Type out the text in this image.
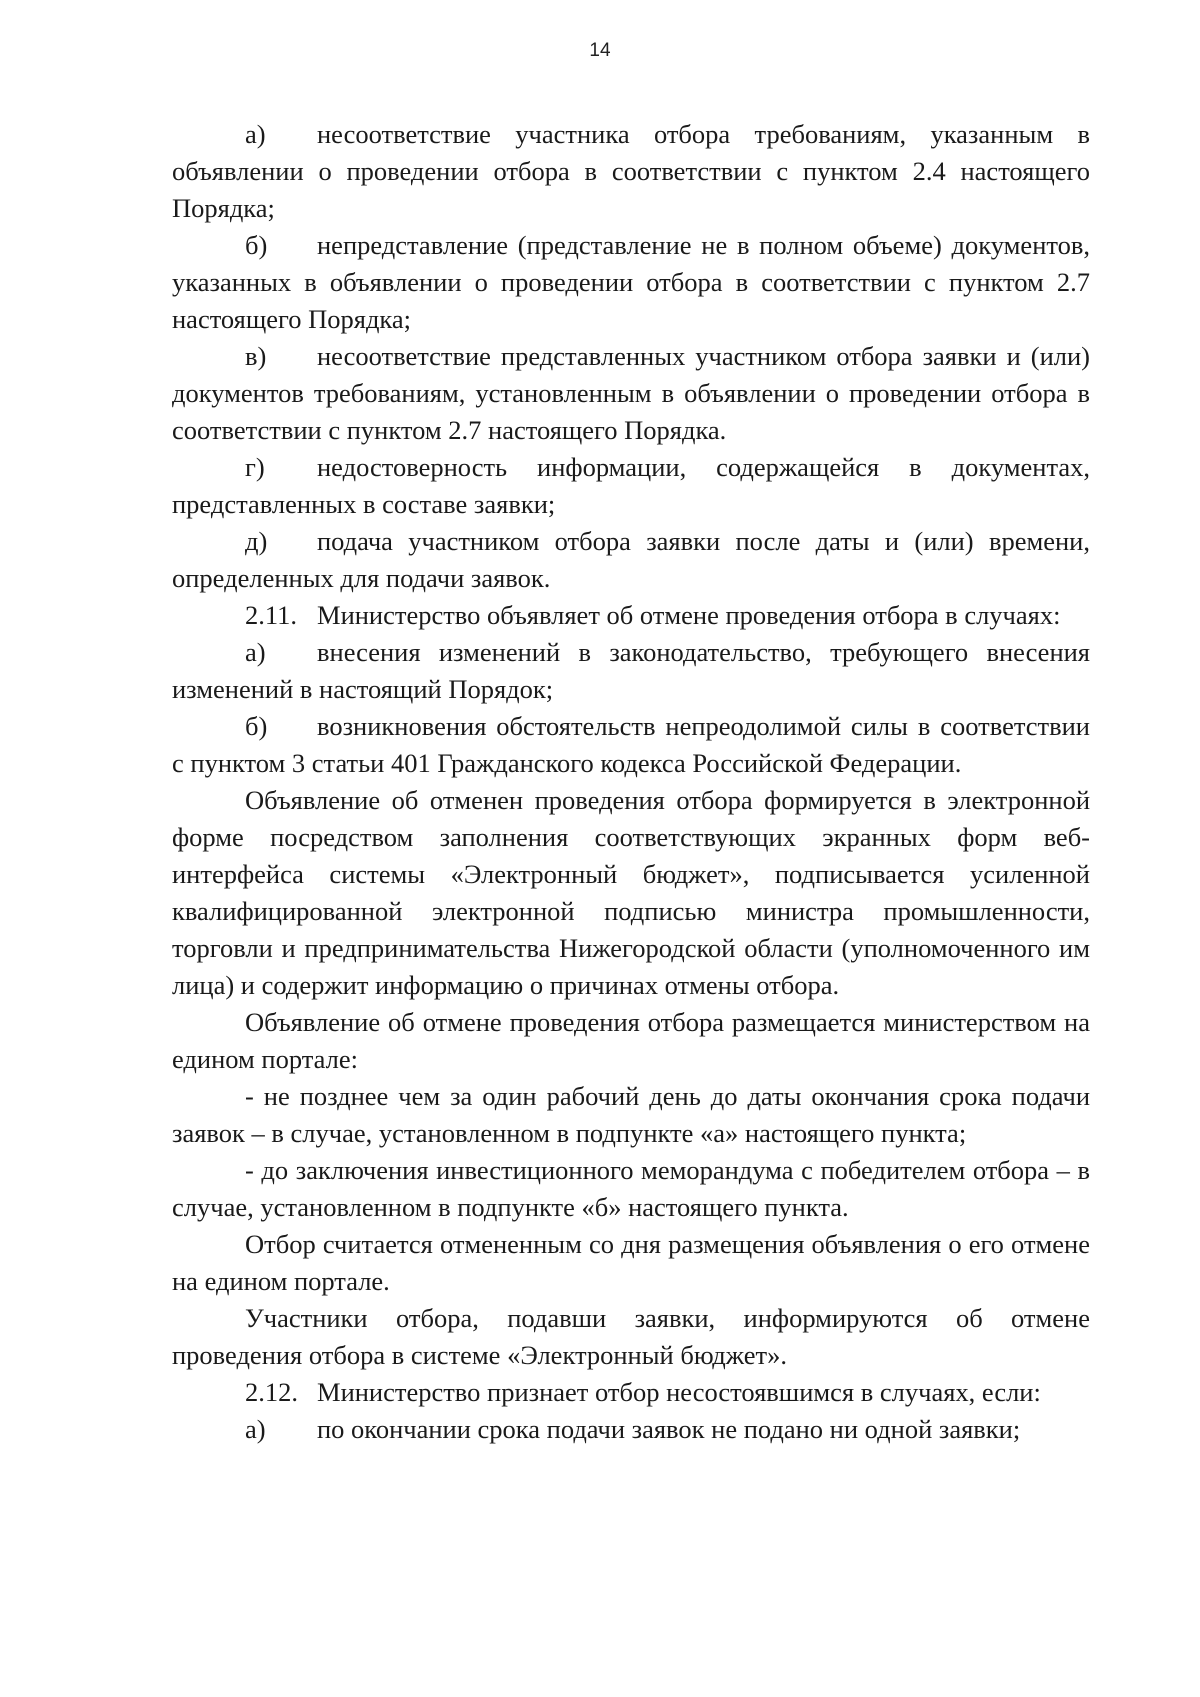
14

а) несоответствие участника отбора требованиям, указанным в объявлении о проведении отбора в соответствии с пунктом 2.4 настоящего Порядка;

б) непредставление (представление не в полном объеме) документов, указанных в объявлении о проведении отбора в соответствии с пунктом 2.7 настоящего Порядка;

в) несоответствие представленных участником отбора заявки и (или) документов требованиям, установленным в объявлении о проведении отбора в соответствии с пунктом 2.7 настоящего Порядка.

г) недостоверность информации, содержащейся в документах, представленных в составе заявки;

д) подача участником отбора заявки после даты и (или) времени, определенных для подачи заявок.

2.11. Министерство объявляет об отмене проведения отбора в случаях:

а) внесения изменений в законодательство, требующего внесения изменений в настоящий Порядок;

б) возникновения обстоятельств непреодолимой силы в соответствии с пунктом 3 статьи 401 Гражданского кодекса Российской Федерации.

Объявление об отменен проведения отбора формируется в электронной форме посредством заполнения соответствующих экранных форм веб-интерфейса системы «Электронный бюджет», подписывается усиленной квалифицированной электронной подписью министра промышленности, торговли и предпринимательства Нижегородской области (уполномоченного им лица) и содержит информацию о причинах отмены отбора.

Объявление об отмене проведения отбора размещается министерством на едином портале:

- не позднее чем за один рабочий день до даты окончания срока подачи заявок – в случае, установленном в подпункте «а» настоящего пункта;

- до заключения инвестиционного меморандума с победителем отбора – в случае, установленном в подпункте «б» настоящего пункта.

Отбор считается отмененным со дня размещения объявления о его отмене на едином портале.

Участники отбора, подавши заявки, информируются об отмене проведения отбора в системе «Электронный бюджет».

2.12. Министерство признает отбор несостоявшимся в случаях, если:

а) по окончании срока подачи заявок не подано ни одной заявки;
